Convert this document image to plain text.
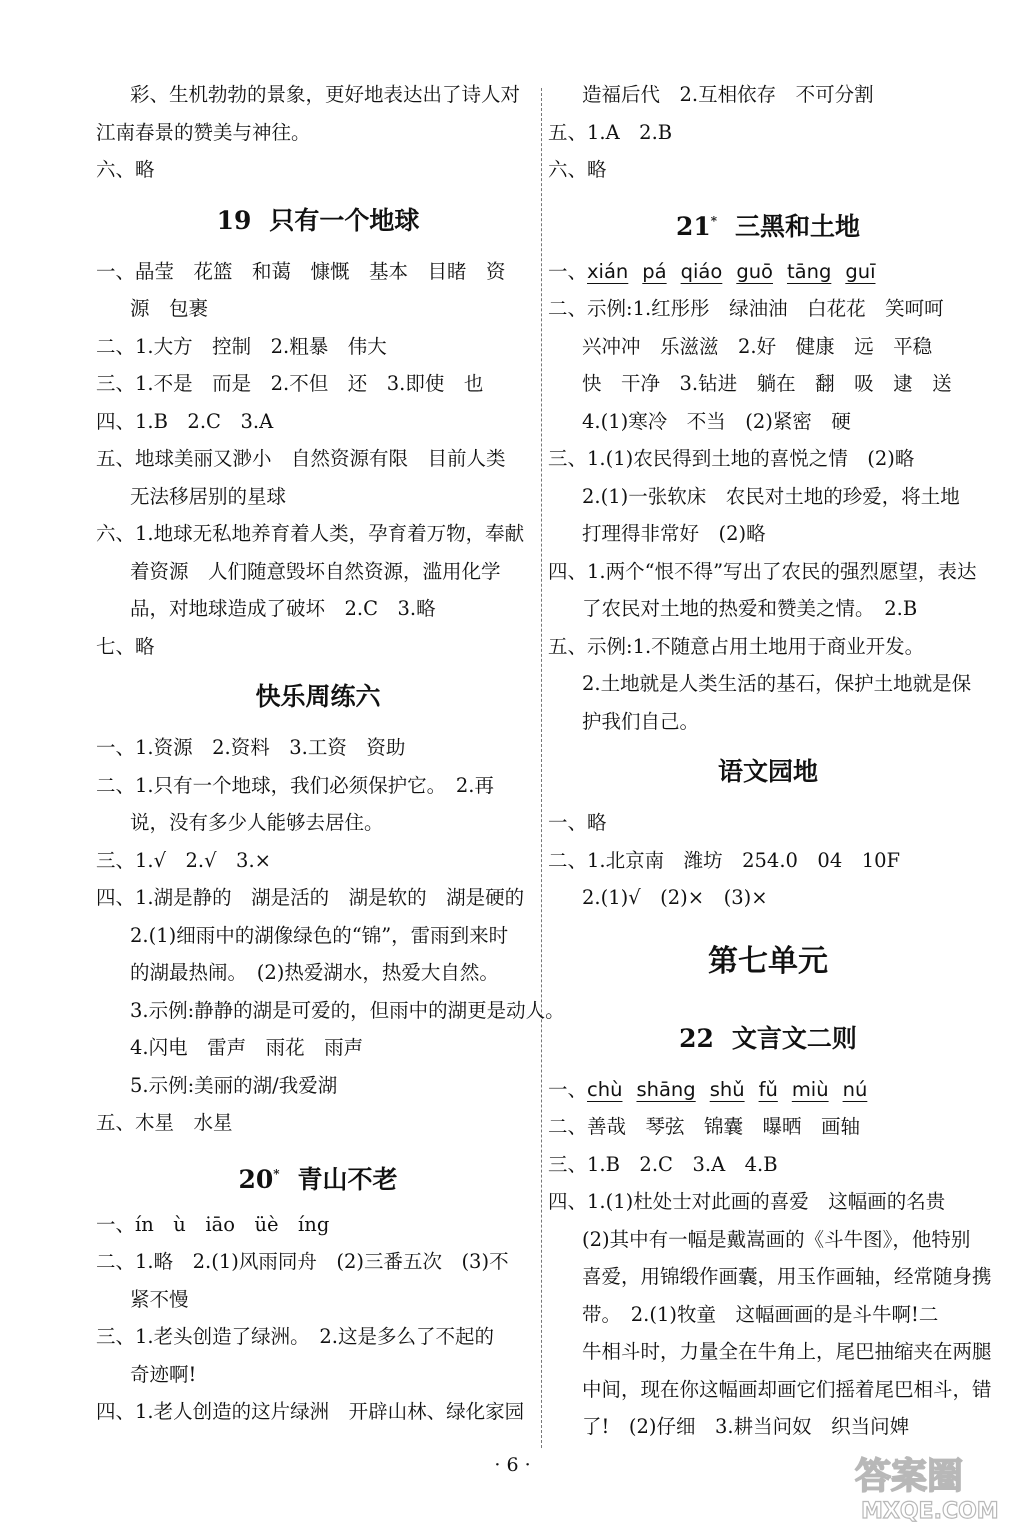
彩、生机勃勃的景象，更好地表达出了诗人对
江南春景的赞美与神往。
六、略
19 只有一个地球
一、晶莹　花篮　和蔼　慷慨　基本　目睹　资
源　包裹
二、1.大方　控制　2.粗暴　伟大
三、1.不是　而是　2.不但　还　3.即使　也
四、1.B　2.C　3.A
五、地球美丽又渺小　自然资源有限　目前人类
无法移居别的星球
六、1.地球无私地养育着人类，孕育着万物，奉献
着资源　人们随意毁坏自然资源，滥用化学
品，对地球造成了破坏　2.C　3.略
七、略
快乐周练六
一、1.资源　2.资料　3.工资　资助
二、1.只有一个地球，我们必须保护它。　2.再
说，没有多少人能够去居住。
三、1.√　2.√　3.×
四、1.湖是静的　湖是活的　湖是软的　湖是硬的
2.(1)细雨中的湖像绿色的“锦”，雷雨到来时
的湖最热闹。　(2)热爱湖水，热爱大自然。
3.示例:静静的湖是可爱的，但雨中的湖更是动人。
4.闪电　雷声　雨花　雨声
5.示例:美丽的湖/我爱湖
五、木星　水星
20* 青山不老
一、ín　ù　iāo　üè　íng
二、1.略　2.(1)风雨同舟　(2)三番五次　(3)不
紧不慢
三、1.老头创造了绿洲。　2.这是多么了不起的
奇迹啊!
四、1.老人创造的这片绿洲　开辟山林、绿化家园
造福后代　2.互相依存　不可分割
五、1.A　2.B
六、略
21* 三黑和土地
一、xián pá qiáo guō tāng guī
二、示例:1.红彤彤　绿油油　白花花　笑呵呵
兴冲冲　乐滋滋　2.好　健康　远　平稳
快　干净　3.钻进　躺在　翻　吸　逮　送
4.(1)寒冷　不当　(2)紧密　硬
三、1.(1)农民得到土地的喜悦之情　(2)略
2.(1)一张软床　农民对土地的珍爱，将土地
打理得非常好　(2)略
四、1.两个“恨不得”写出了农民的强烈愿望，表达
了农民对土地的热爱和赞美之情。　2.B
五、示例:1.不随意占用土地用于商业开发。
2.土地就是人类生活的基石，保护土地就是保
护我们自己。
语文园地
一、略
二、1.北京南　潍坊　254.0　04　10F
2.(1)√　(2)×　(3)×
第七单元
22 文言文二则
一、chù shāng shǔ fǔ miù nú
二、善哉　琴弦　锦囊　曝晒　画轴
三、1.B　2.C　3.A　4.B
四、1.(1)杜处士对此画的喜爱　这幅画的名贵
(2)其中有一幅是戴嵩画的《斗牛图》，他特别
喜爱，用锦缎作画囊，用玉作画轴，经常随身携
带。　2.(1)牧童　这幅画画的是斗牛啊!二
牛相斗时，力量全在牛角上，尾巴抽缩夹在两腿
中间，现在你这幅画却画它们摇着尾巴相斗，错
了!　(2)仔细　3.耕当问奴　织当问婢
· 6 ·	答案圈
MXQE.COM
